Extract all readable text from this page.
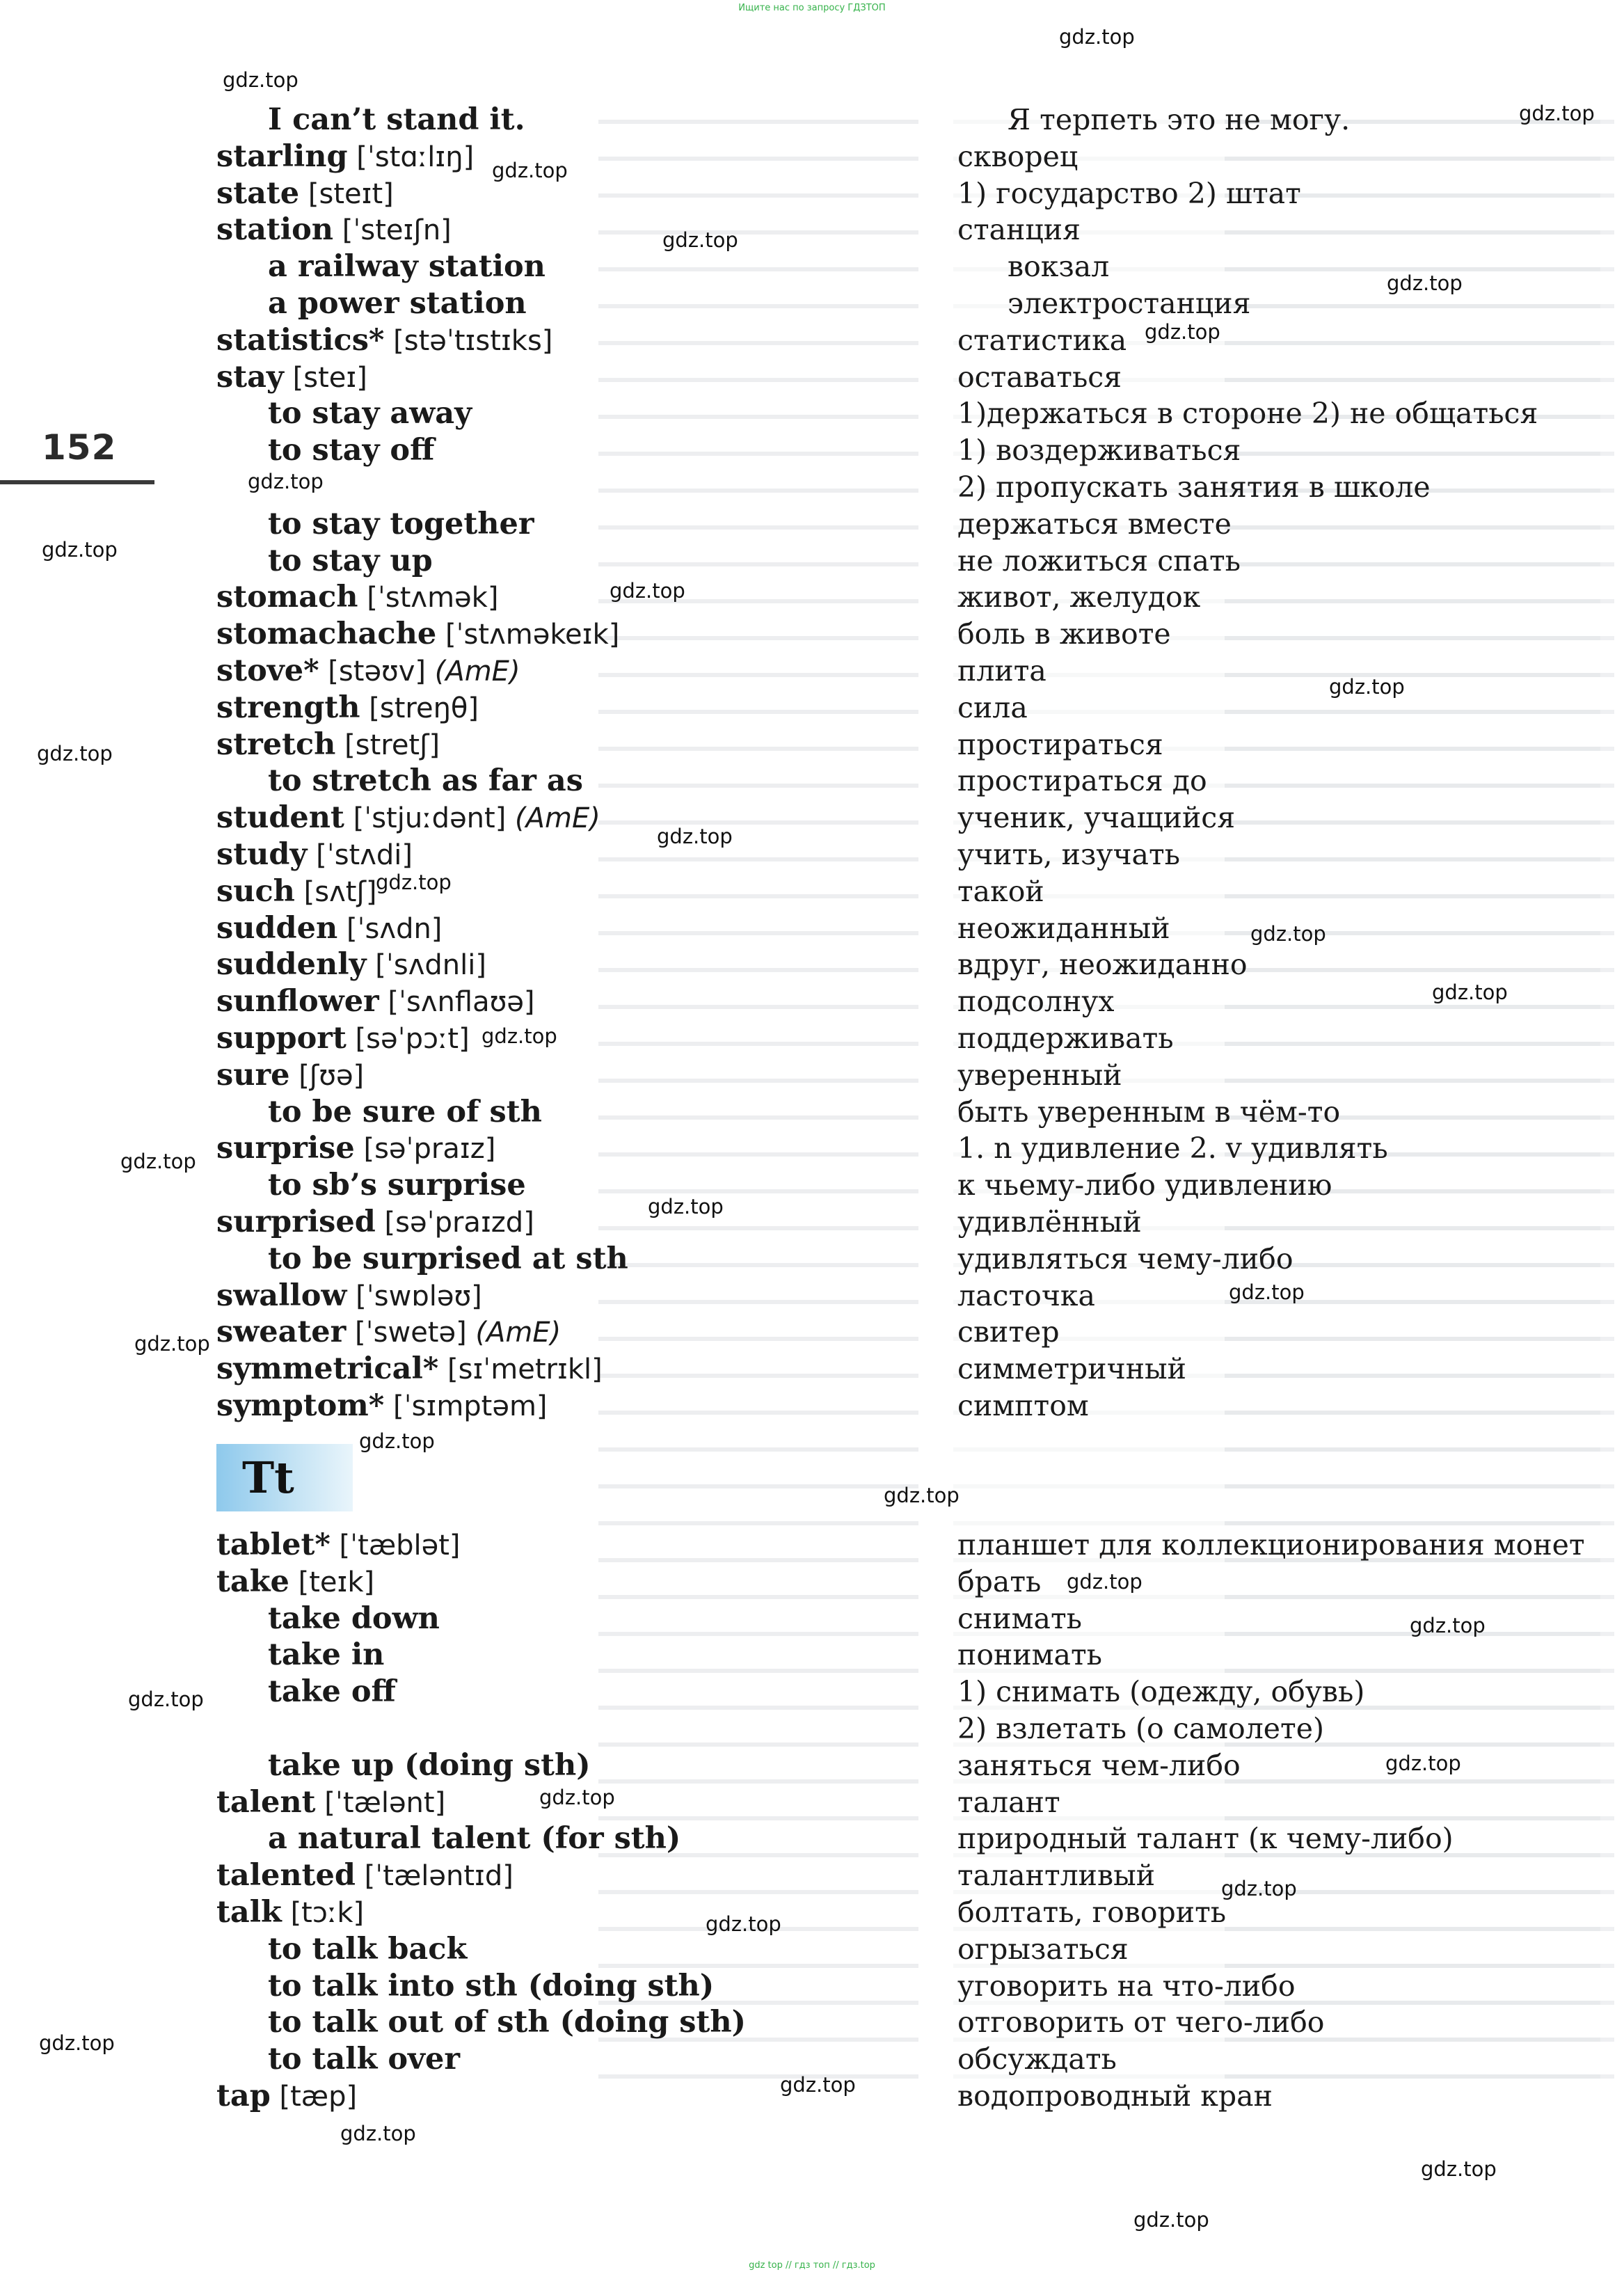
Ищите нас по запросу ГДЗТОП
152
Tt
I can’t stand it.	Я терпеть это не могу.
starling [ˈstɑːlɪŋ]	скворец
state [steɪt]	1) государство 2) штат
station [ˈsteɪʃn]	станция
a railway station	вокзал
a power station	электростанция
statistics* [stəˈtɪstɪks]	статистика
stay [steɪ]	оставаться
to stay away	1)держаться в стороне 2) не общаться
to stay off	1) воздерживаться
2) пропускать занятия в школе
to stay together	держаться вместе
to stay up	не ложиться спать
stomach [ˈstʌmək]	живот, желудок
stomachache [ˈstʌməkeɪk]	боль в животе
stove* [stəʊv] (AmE)	плита
strength [streŋθ]	сила
stretch [stretʃ]	простираться
to stretch as far as	простираться до
student [ˈstjuːdənt] (AmE)	ученик, учащийся
study [ˈstʌdi]	учить, изучать
such [sʌtʃ]	такой
sudden [ˈsʌdn]	неожиданный
suddenly [ˈsʌdnli]	вдруг, неожиданно
sunflower [ˈsʌnflaʊə]	подсолнух
support [səˈpɔːt]	поддерживать
sure [ʃʊə]	уверенный
to be sure of sth	быть уверенным в чём-то
surprise [səˈpraɪz]	1. n удивление 2. v удивлять
to sb’s surprise	к чьему-либо удивлению
surprised [səˈpraɪzd]	удивлённый
to be surprised at sth	удивляться чему-либо
swallow [ˈswɒləʊ]	ласточка
sweater [ˈswetə] (AmE)	свитер
symmetrical* [sɪˈmetrɪkl]	симметричный
symptom* [ˈsɪmptəm]	симптом
tablet* [ˈtæblət]	планшет для коллекционирования монет
take [teɪk]	брать
take down	снимать
take in	понимать
take off	1) снимать (одежду, обувь)
2) взлетать (о самолете)
take up (doing sth)	заняться чем-либо
talent [ˈtælənt]	талант
a natural talent (for sth)	природный талант (к чему-либо)
talented [ˈtæləntɪd]	талантливый
talk [tɔːk]	болтать, говорить
to talk back	огрызаться
to talk into sth (doing sth)	уговорить на что-либо
to talk out of sth (doing sth)	отговорить от чего-либо
to talk over	обсуждать
tap [tæp]	водопроводный кран
gdz.top
gdz.top
gdz.top
gdz.top
gdz.top
gdz.top
gdz.top
gdz.top
gdz.top
gdz.top
gdz.top
gdz.top
gdz.top
gdz.top
gdz.top
gdz.top
gdz.top
gdz.top
gdz.top
gdz.top
gdz.top
gdz.top
gdz.top
gdz.top
gdz.top
gdz.top
gdz.top
gdz.top
gdz.top
gdz.top
gdz.top
gdz.top
gdz.top
gdz.top
gdz.top
gdz top // гдз топ // гдз.top
